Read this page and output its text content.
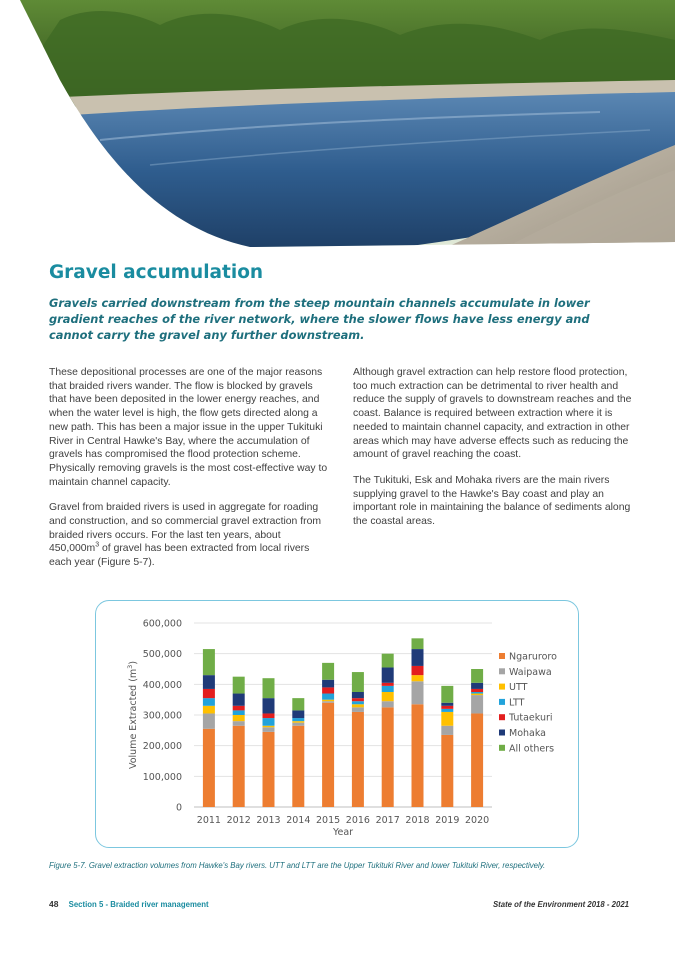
Gravel accumulation

Gravels carried downstream from the steep mountain channels accumulate in lower gradient reaches of the river network, where the slower flows have less energy and cannot carry the gravel any further downstream.

These depositional processes are one of the major reasons that braided rivers wander. The flow is blocked by gravels that have been deposited in the lower energy reaches, and when the water level is high, the flow gets directed along a new path. This has been a major issue in the upper Tukituki River in Central Hawke's Bay, where the accumulation of gravels has compromised the flood protection scheme. Physically removing gravels is the most cost-effective way to maintain channel capacity.

Gravel from braided rivers is used in aggregate for roading and construction, and so commercial gravel extraction from braided rivers occurs. For the last ten years, about $450,000m^3$ of gravel has been extracted from local rivers each year (Figure 5-7).

Although gravel extraction can help restore flood protection, too much extraction can be detrimental to river health and reduce the supply of gravels to downstream reaches and the coast. Balance is required between extraction where it is needed to maintain channel capacity, and extraction in other areas which may have adverse effects such as reducing the amount of gravel reaching the coast.

The Tukituki, Esk and Mohaka rivers are the main rivers supplying gravel to the Hawke's Bay coast and play an important role in maintaining the balance of sediments along the coastal areas.

0
100,000
200,000
300,000
400,000
500,000
600,000
2011 2012 2013 2014 2015 2016 2017 2018 2019 2020
Year
Volume Extracted $(m^3)$
Ngaruroro
Waipawa
UTT
LTT
Tutaekuri
Mohaka
All others

Figure 5-7. Gravel extraction volumes from Hawke's Bay rivers. UTT and LTT are the Upper Tukituki River and lower Tukituki River, respectively.

48 Section 5 - Braided river management	State of the Environment 2018 - 2021
